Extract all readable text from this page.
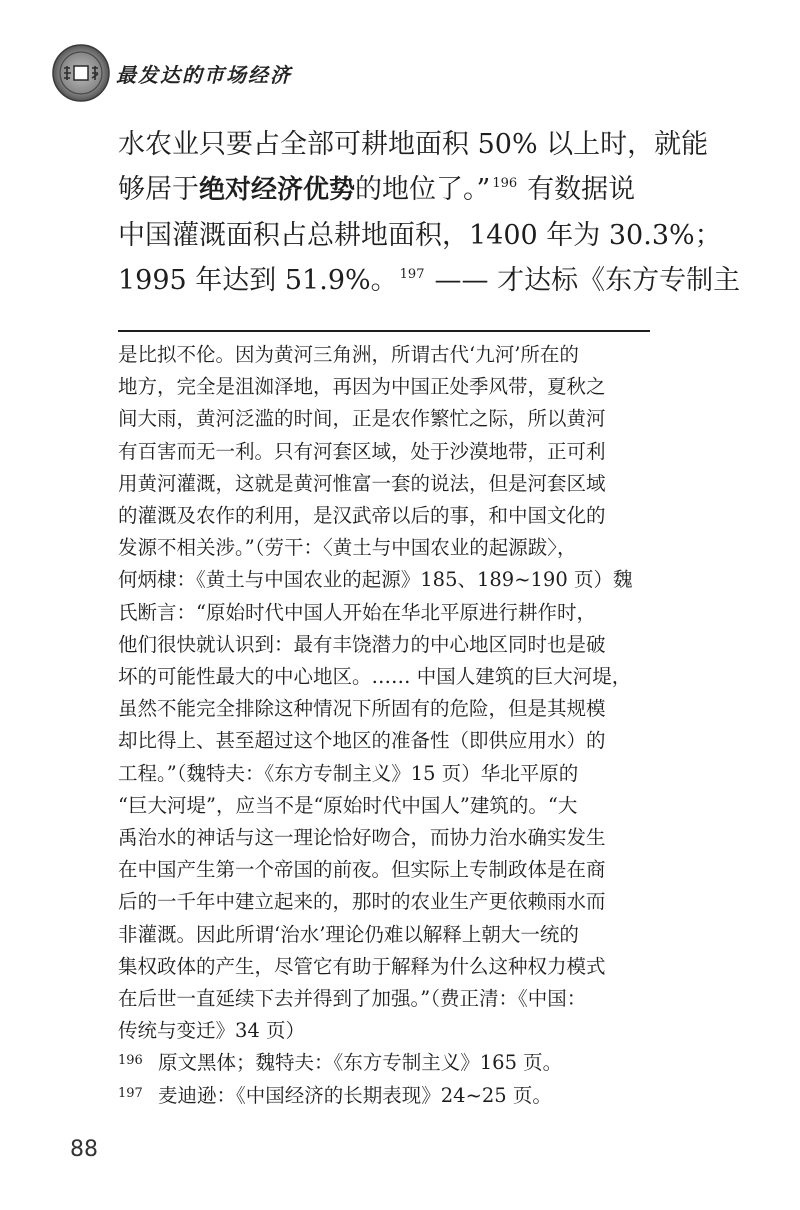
最发达的市场经济
水农业只要占全部可耕地面积 50% 以上时，就能
够居于绝对经济优势的地位了。” $^{196}$ 有数据说
中国灌溉面积占总耕地面积，1400 年为 30.3%；
1995 年达到 51.9%。 $^{197}$ —— 才达标《东方专制主
是比拟不伦。因为黄河三角洲，所谓古代‘九河’所在的
地方，完全是沮洳泽地，再因为中国正处季风带，夏秋之
间大雨，黄河泛滥的时间，正是农作繁忙之际，所以黄河
有百害而无一利。只有河套区域，处于沙漠地带，正可利
用黄河灌溉，这就是黄河惟富一套的说法，但是河套区域
的灌溉及农作的利用，是汉武帝以后的事，和中国文化的
发源不相关涉。”（劳干：〈黄土与中国农业的起源跋〉，
何炳棣：《黄土与中国农业的起源》185、189~190 页）魏
氏断言：“原始时代中国人开始在华北平原进行耕作时，
他们很快就认识到：最有丰饶潜力的中心地区同时也是破
坏的可能性最大的中心地区。…… 中国人建筑的巨大河堤，
虽然不能完全排除这种情况下所固有的危险，但是其规模
却比得上、甚至超过这个地区的准备性（即供应用水）的
工程。”（魏特夫：《东方专制主义》15 页）华北平原的
“巨大河堤”，应当不是“原始时代中国人”建筑的。“大
禹治水的神话与这一理论恰好吻合，而协力治水确实发生
在中国产生第一个帝国的前夜。但实际上专制政体是在商
后的一千年中建立起来的，那时的农业生产更依赖雨水而
非灌溉。因此所谓‘治水’理论仍难以解释上朝大一统的
集权政体的产生，尽管它有助于解释为什么这种权力模式
在后世一直延续下去并得到了加强。”（费正清：《中国：
传统与变迁》34 页）
196 原文黑体；魏特夫：《东方专制主义》165 页。
197 麦迪逊：《中国经济的长期表现》24~25 页。
88
